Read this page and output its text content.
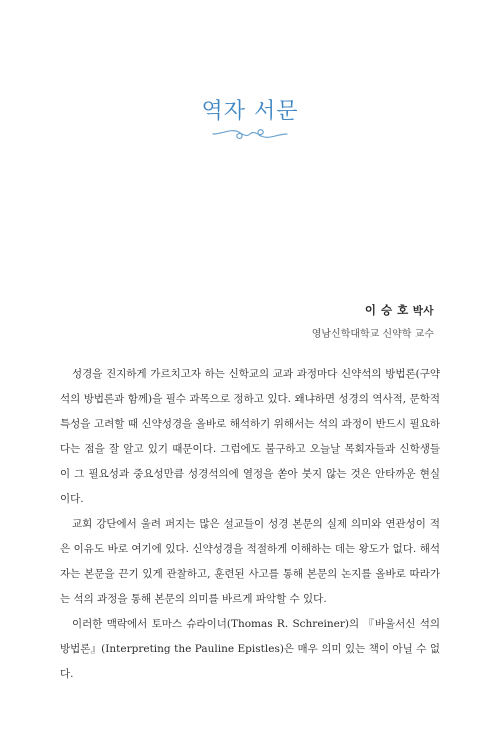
역자 서문
이 승 호 박사
영남신학대학교 신약학 교수

성경을 진지하게 가르치고자 하는 신학교의 교과 과정마다 신약석의 방법론(구약석의 방법론과 함께)을 필수 과목으로 정하고 있다. 왜냐하면 성경의 역사적, 문학적 특성을 고려할 때 신약성경을 올바로 해석하기 위해서는 석의 과정이 반드시 필요하다는 점을 잘 알고 있기 때문이다. 그럼에도 불구하고 오늘날 목회자들과 신학생들이 그 필요성과 중요성만큼 성경석의에 열정을 쏟아 붓지 않는 것은 안타까운 현실이다.

교회 강단에서 울려 퍼지는 많은 설교들이 성경 본문의 실제 의미와 연관성이 적은 이유도 바로 여기에 있다. 신약성경을 적절하게 이해하는 데는 왕도가 없다. 해석자는 본문을 끈기 있게 관찰하고, 훈련된 사고를 통해 본문의 논지를 올바로 따라가는 석의 과정을 통해 본문의 의미를 바르게 파악할 수 있다.

이러한 맥락에서 토마스 슈라이너(Thomas R. Schreiner)의 『바울서신 석의 방법론』(Interpreting the Pauline Epistles)은 매우 의미 있는 책이 아닐 수 없다.
